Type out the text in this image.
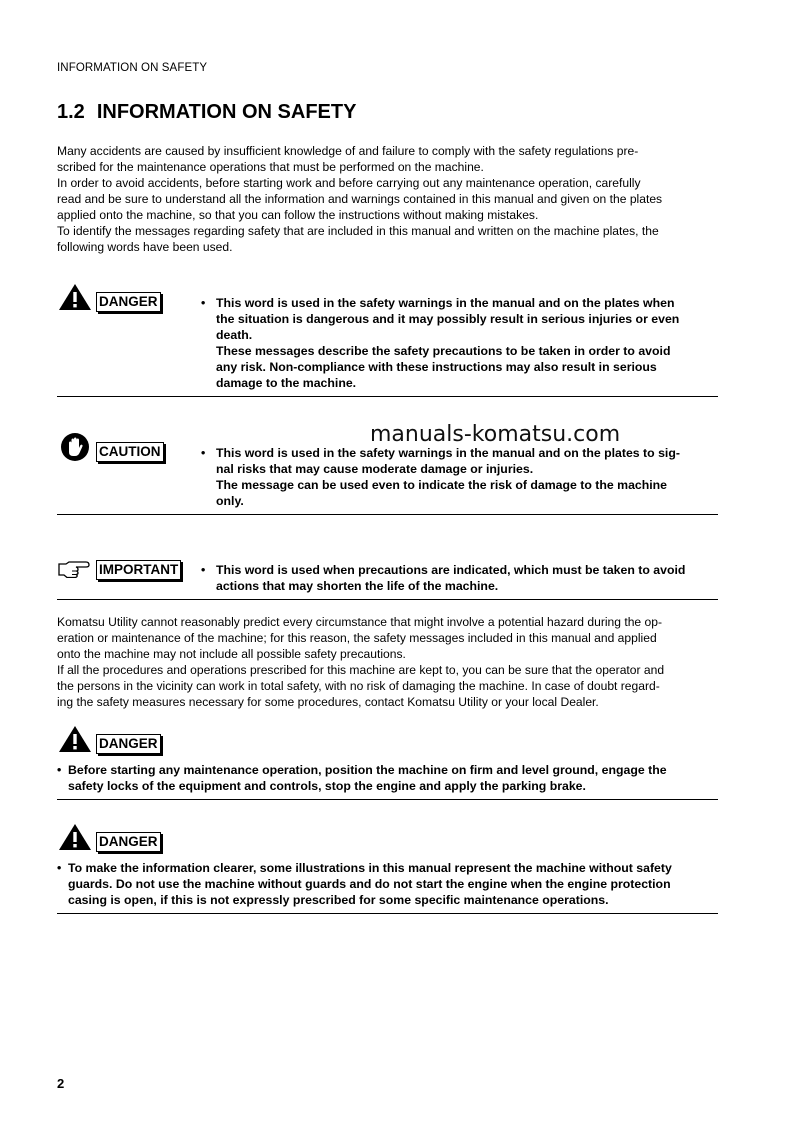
INFORMATION ON SAFETY
1.2 INFORMATION ON SAFETY
Many accidents are caused by insufficient knowledge of and failure to comply with the safety regulations pre-
scribed for the maintenance operations that must be performed on the machine.
In order to avoid accidents, before starting work and before carrying out any maintenance operation, carefully
read and be sure to understand all the information and warnings contained in this manual and given on the plates
applied onto the machine, so that you can follow the instructions without making mistakes.
To identify the messages regarding safety that are included in this manual and written on the machine plates, the
following words have been used.
DANGER	• This word is used in the safety warnings in the manual and on the plates when
the situation is dangerous and it may possibly result in serious injuries or even
death.
These messages describe the safety precautions to be taken in order to avoid
any risk. Non-compliance with these instructions may also result in serious
damage to the machine.
manuals-komatsu.com
CAUTION	• This word is used in the safety warnings in the manual and on the plates to sig-
nal risks that may cause moderate damage or injuries.
The message can be used even to indicate the risk of damage to the machine
only.
IMPORTANT • This word is used when precautions are indicated, which must be taken to avoid
actions that may shorten the life of the machine.
Komatsu Utility cannot reasonably predict every circumstance that might involve a potential hazard during the op-
eration or maintenance of the machine; for this reason, the safety messages included in this manual and applied
onto the machine may not include all possible safety precautions.
If all the procedures and operations prescribed for this machine are kept to, you can be sure that the operator and
the persons in the vicinity can work in total safety, with no risk of damaging the machine. In case of doubt regard-
ing the safety measures necessary for some procedures, contact Komatsu Utility or your local Dealer.
DANGER
• Before starting any maintenance operation, position the machine on firm and level ground, engage the
safety locks of the equipment and controls, stop the engine and apply the parking brake.
DANGER
• To make the information clearer, some illustrations in this manual represent the machine without safety
guards. Do not use the machine without guards and do not start the engine when the engine protection
casing is open, if this is not expressly prescribed for some specific maintenance operations.
2
